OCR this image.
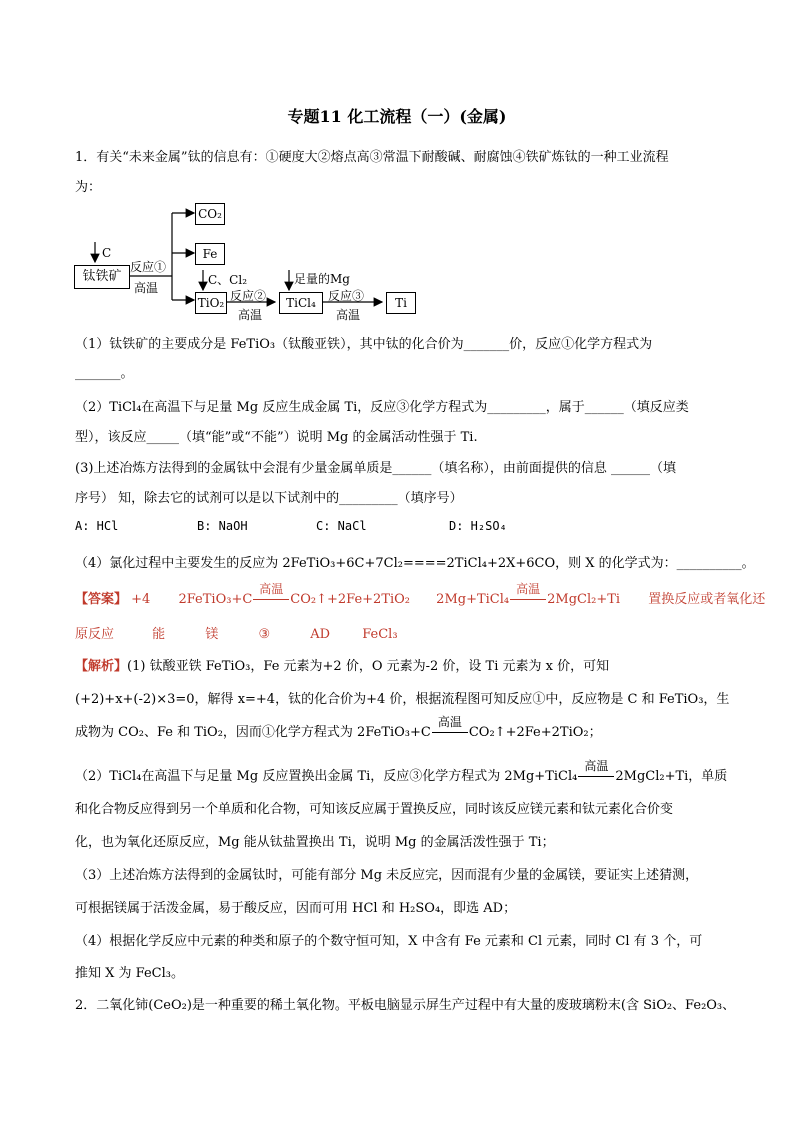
专题11 化工流程（一）(金属)
1．有关“未来金属”钛的信息有：①硬度大②熔点高③常温下耐酸碱、耐腐蚀④铁矿炼钛的一种工业流程
为：
钛铁矿
CO₂
Fe
TiO₂	TiCl₄	Ti
C
反应①
高温
C、Cl₂
反应②
高温
足量的Mg
反应③
高温
（1）钛铁矿的主要成分是 FeTiO₃（钛酸亚铁），其中钛的化合价为_______价，反应①化学方程式为
_______。
（2）TiCl₄在高温下与足量 Mg 反应生成金属 Ti，反应③化学方程式为_________，属于______（填反应类
型），该反应_____（填“能”或“不能”）说明 Mg 的金属活动性强于 Ti.
(3)上述冶炼方法得到的金属钛中会混有少量金属单质是______（填名称），由前面提供的信息 ______（填
序号） 知，除去它的试剂可以是以下试剂中的_________（填序号）
A: HCl	B: NaOH	C: NaCl	D: H₂SO₄
（4）氯化过程中主要发生的反应为 2FeTiO₃+6C+7Cl₂====2TiCl₄+2X+6CO，则 X 的化学式为：__________。
【答案】 +4 2FeTiO₃+C
高温
CO₂↑+2Fe+2TiO₂ 2Mg+TiCl₄
高温
2MgCl₂+Ti 置换反应或者氧化还
原反应	能	镁	③	AD FeCl₃
【解析】(1) 钛酸亚铁 FeTiO₃，Fe 元素为+2 价，O 元素为-2 价，设 Ti 元素为 x 价，可知
(+2)+x+(-2)×3=0，解得 x=+4，钛的化合价为+4 价，根据流程图可知反应①中，反应物是 C 和 FeTiO₃，生
成物为 CO₂、Fe 和 TiO₂，因而①化学方程式为 2FeTiO₃+C
高温
CO₂↑+2Fe+2TiO₂；
（2）TiCl₄在高温下与足量 Mg 反应置换出金属 Ti，反应③化学方程式为 2Mg+TiCl₄
高温
2MgCl₂+Ti，单质
和化合物反应得到另一个单质和化合物，可知该反应属于置换反应，同时该反应镁元素和钛元素化合价变
化，也为氧化还原反应，Mg 能从钛盐置换出 Ti，说明 Mg 的金属活泼性强于 Ti；
（3）上述冶炼方法得到的金属钛时，可能有部分 Mg 未反应完，因而混有少量的金属镁，要证实上述猜测，
可根据镁属于活泼金属，易于酸反应，因而可用 HCl 和 H₂SO₄，即选 AD；
（4）根据化学反应中元素的种类和原子的个数守恒可知，X 中含有 Fe 元素和 Cl 元素，同时 Cl 有 3 个，可
推知 X 为 FeCl₃。
2．二氧化铈(CeO₂)是一种重要的稀土氧化物。平板电脑显示屏生产过程中有大量的废玻璃粉末(含 SiO₂、Fe₂O₃、
